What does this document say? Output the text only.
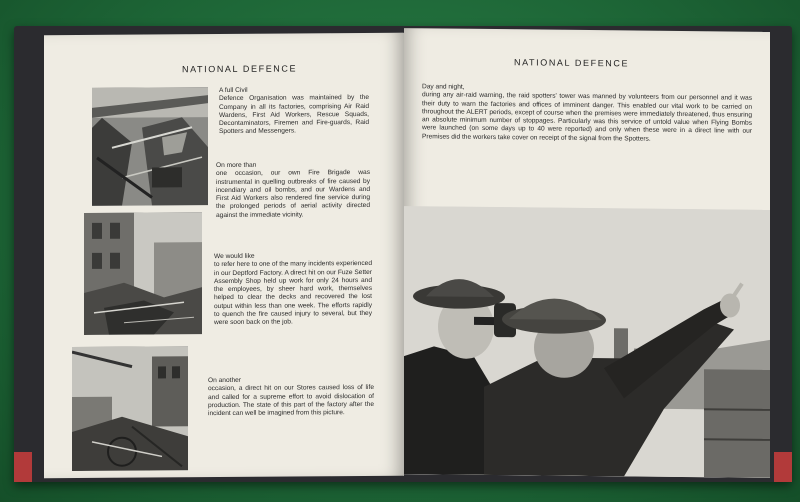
NATIONAL DEFENCE
A full Civil
Defence Organisation was maintained by the Company in all its factories, comprising Air Raid Wardens, First Aid Workers, Rescue Squads, Decontaminators, Firemen and Fire-guards, Raid Spotters and Messengers.
On more than
one occasion, our own Fire Brigade was instrumental in quelling outbreaks of fire caused by incendiary and oil bombs, and our Wardens and First Aid Workers also rendered fine service during the prolonged periods of aerial activity directed against the immediate vicinity.
We would like
to refer here to one of the many incidents experienced in our Deptford Factory. A direct hit on our Fuze Setter Assembly Shop held up work for only 24 hours and the employees, by sheer hard work, themselves helped to clear the decks and recovered the lost output within less than one week. The efforts rapidly to quench the fire caused injury to several, but they were soon back on the job.
On another
occasion, a direct hit on our Stores caused loss of life and called for a supreme effort to avoid dislocation of production. The state of this part of the factory after the incident can well be imagined from this picture.
NATIONAL DEFENCE
Day and night,
during any air-raid warning, the raid spotters' tower was manned by volunteers from our personnel and it was their duty to warn the factories and offices of imminent danger. This enabled our vital work to be carried on throughout the ALERT periods, except of course when the premises were immediately threatened, thus ensuring an absolute minimum number of stoppages. Particularly was this service of untold value when Flying Bombs were launched (on some days up to 40 were reported) and only when these were in a direct line with our Premises did the workers take cover on receipt of the signal from the Spotters.
